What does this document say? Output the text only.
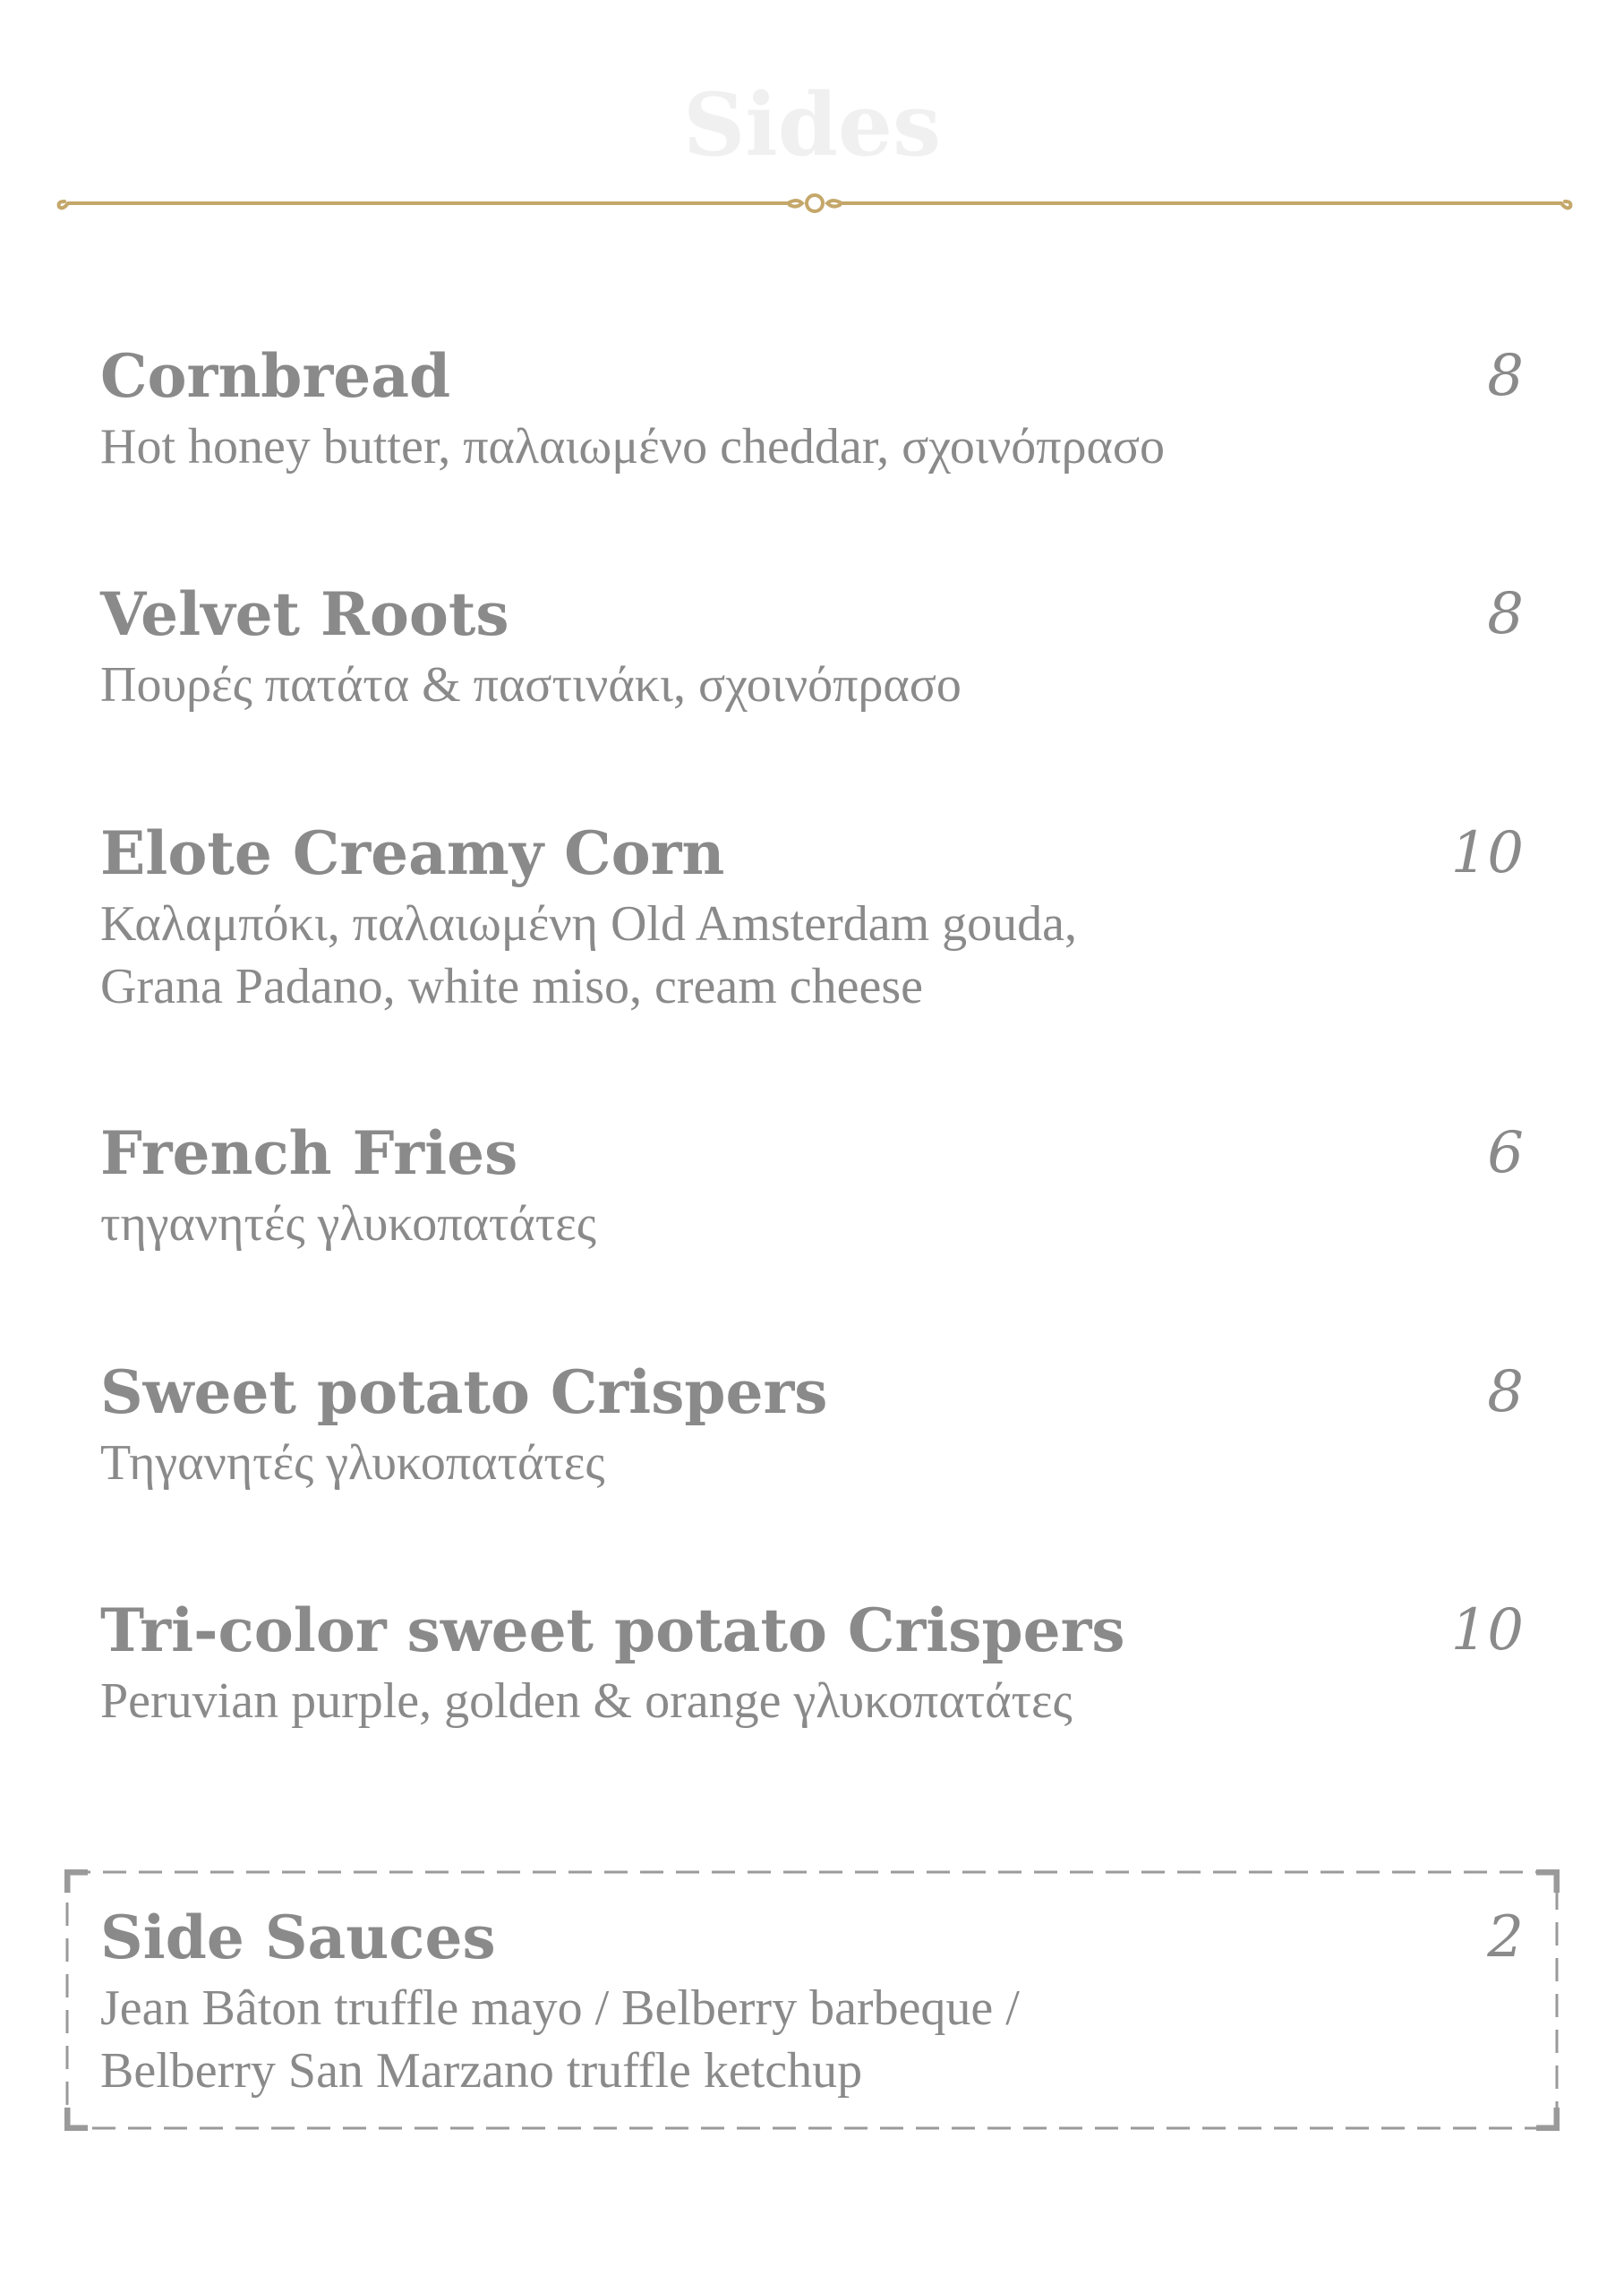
Sides
Cornbread	8
Hot honey butter, παλαιωμένο cheddar, σχοινόπρασο
Velvet Roots	8
Πουρές πατάτα & παστινάκι, σχοινόπρασο
Elote Creamy Corn	10
Καλαμπόκι, παλαιωμένη Old Amsterdam gouda,
Grana Padano, white miso, cream cheese
French Fries	6
τηγανητές γλυκοπατάτες
Sweet potato Crispers	8
Τηγανητές γλυκοπατάτες
Tri-color sweet potato Crispers	10
Peruvian purple, golden & orange γλυκοπατάτες
Side Sauces	2
Jean Bâton truffle mayo / Belberry barbeque /
Belberry San Marzano truffle ketchup
